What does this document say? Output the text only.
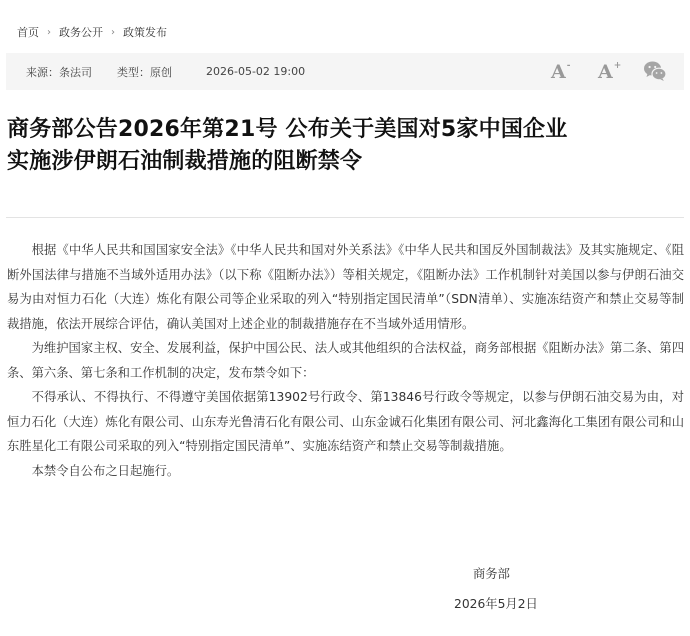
首页 › 政务公开 › 政策发布
来源：条法司 类型：原创	2026-05-02 19:00	A - A +
商务部公告2026年第21号 公布关于美国对5家中国企业
实施涉伊朗石油制裁措施的阻断禁令

根据《中华人民共和国国家安全法》《中华人民共和国对外关系法》《中华人民共和国反外国制裁法》及其实施规定、《阻断外国法律与措施不当域外适用办法》（以下称《阻断办法》）等相关规定，《阻断办法》工作机制针对美国以参与伊朗石油交易为由对恒力石化（大连）炼化有限公司等企业采取的列入“特别指定国民清单”（SDN清单）、实施冻结资产和禁止交易等制裁措施，依法开展综合评估，确认美国对上述企业的制裁措施存在不当域外适用情形。

为维护国家主权、安全、发展利益，保护中国公民、法人或其他组织的合法权益，商务部根据《阻断办法》第二条、第四条、第六条、第七条和工作机制的决定，发布禁令如下：

不得承认、不得执行、不得遵守美国依据第13902号行政令、第13846号行政令等规定，以参与伊朗石油交易为由，对恒力石化（大连）炼化有限公司、山东寿光鲁清石化有限公司、山东金诚石化集团有限公司、河北鑫海化工集团有限公司和山东胜星化工有限公司采取的列入“特别指定国民清单”、实施冻结资产和禁止交易等制裁措施。

本禁令自公布之日起施行。

商务部
2026年5月2日
